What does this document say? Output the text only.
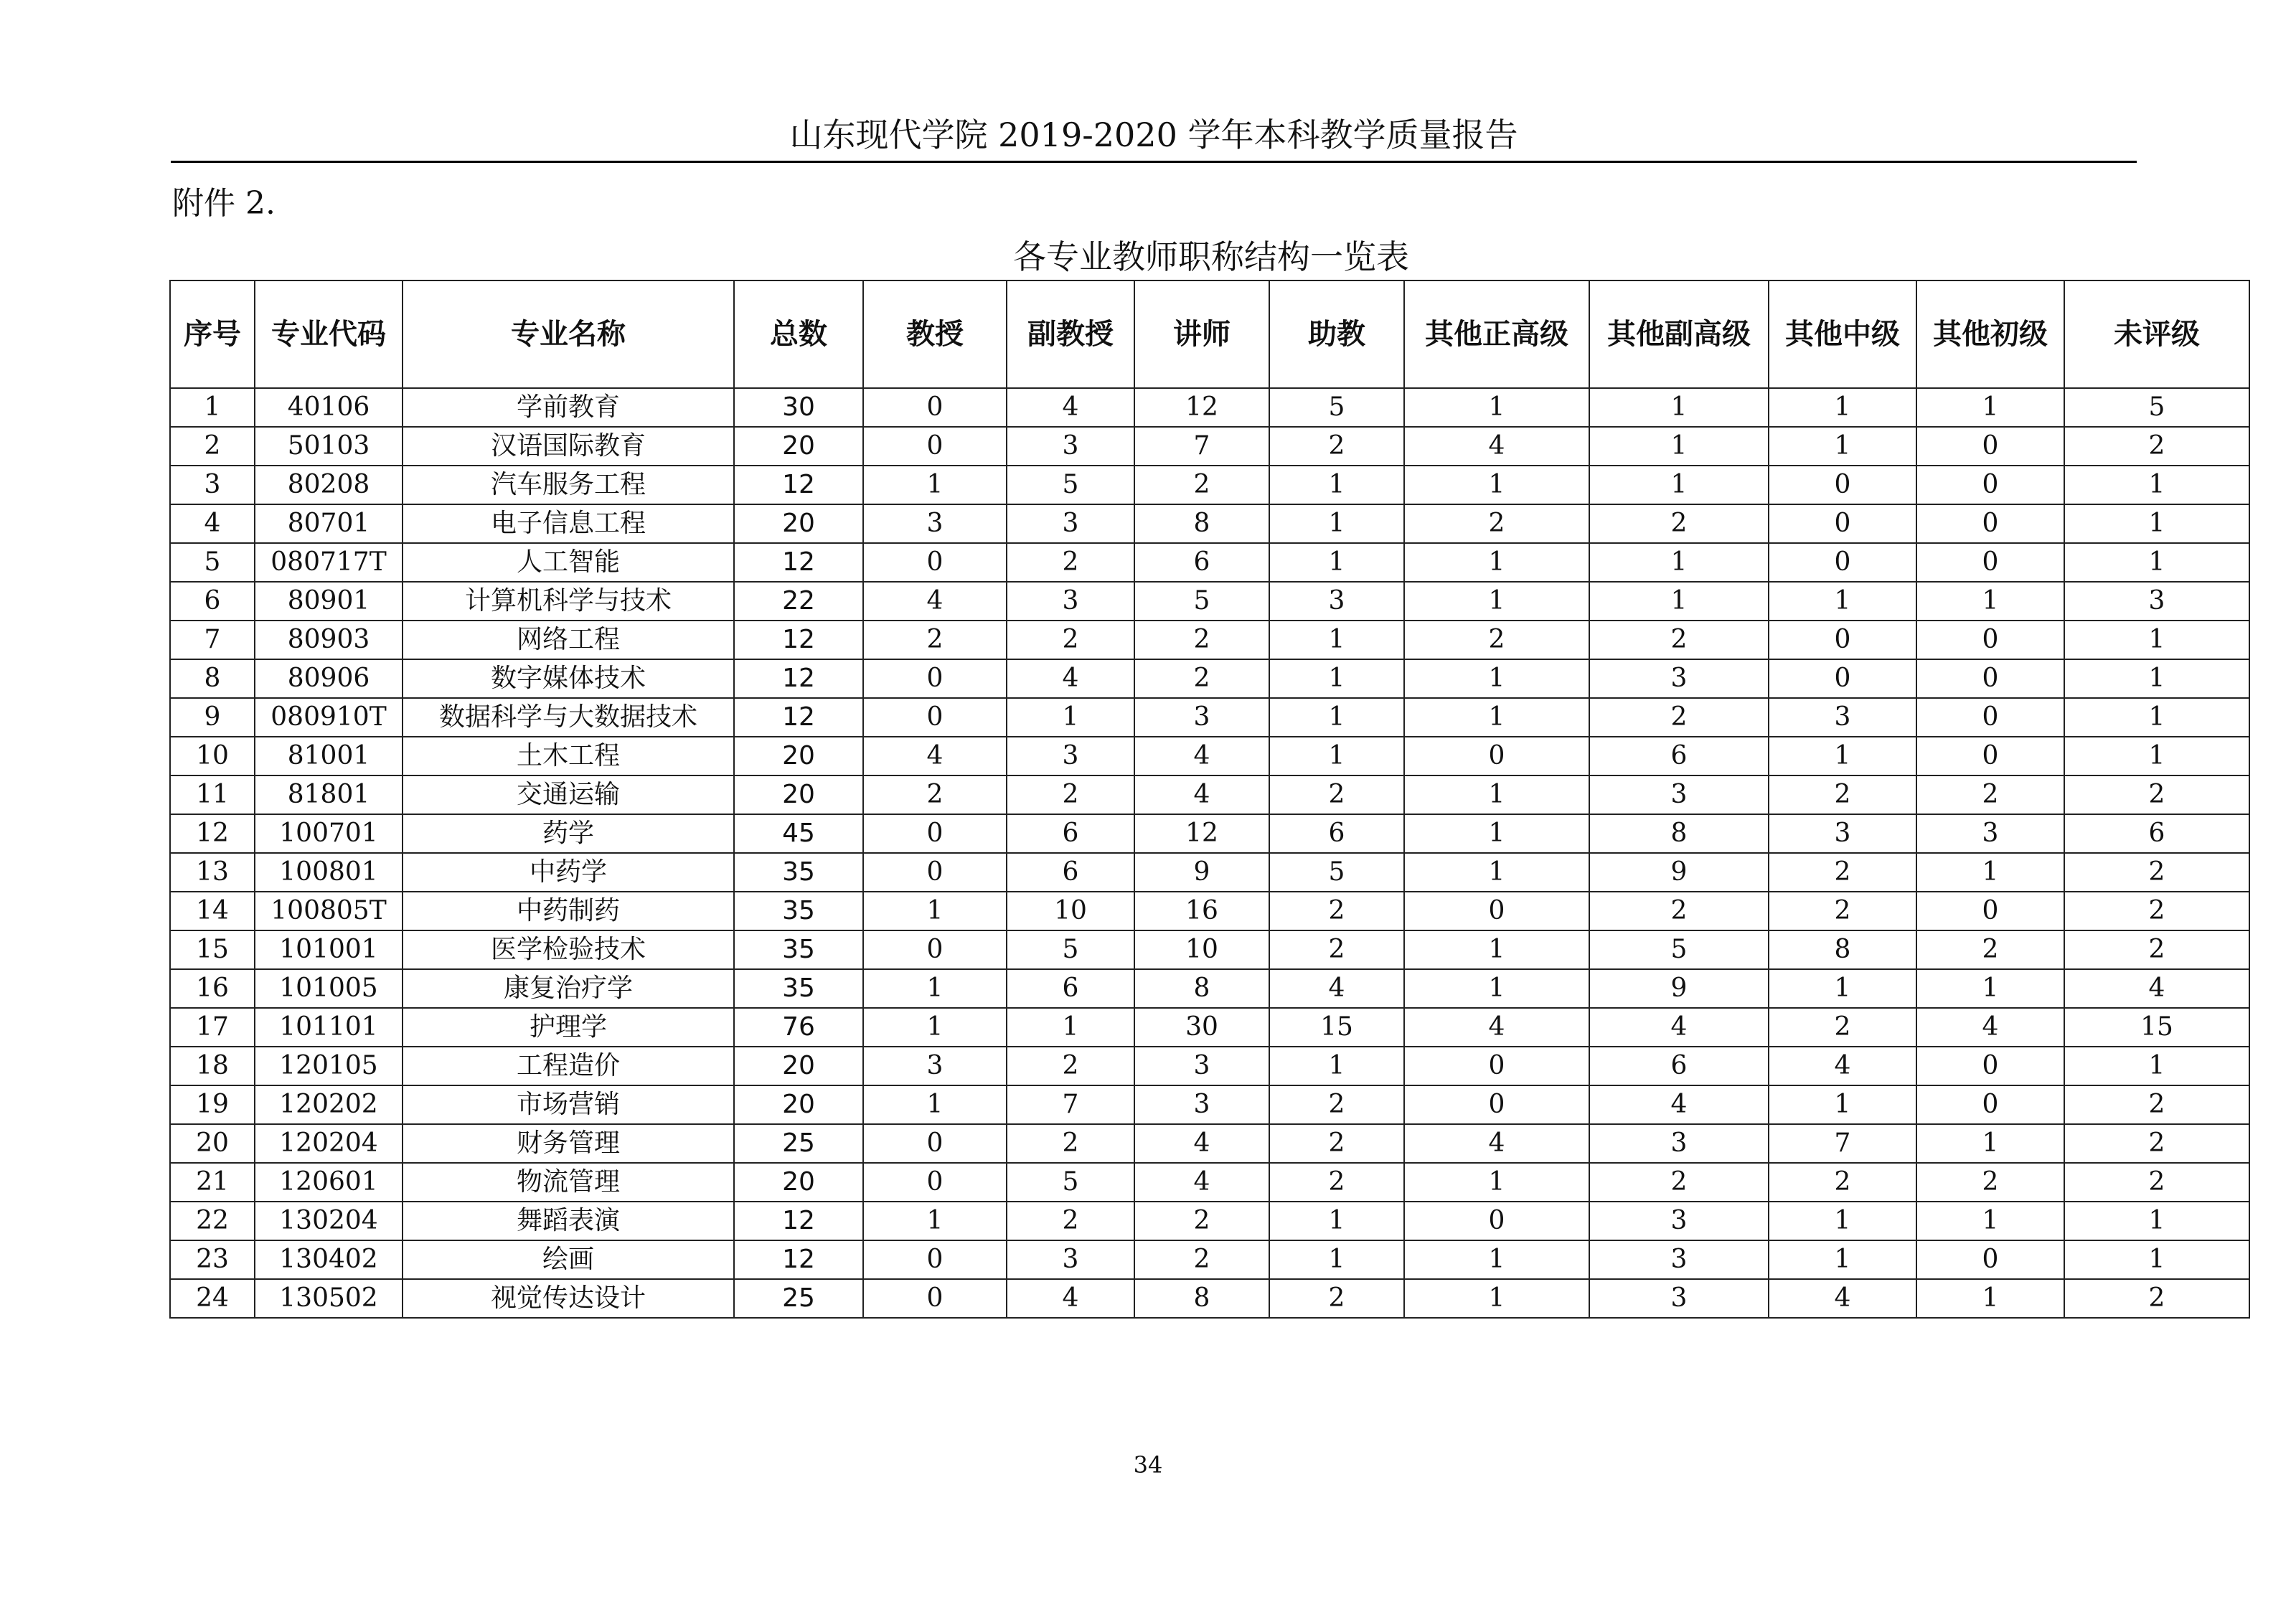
山东现代学院 2019-2020 学年本科教学质量报告
附件 2.
各专业教师职称结构一览表
序号	专业代码	专业名称	总数	教授	副教授	讲师	助教	其他正高级	其他副高级	其他中级	其他初级	未评级
1	40106	学前教育	30	0	4	12	5	1	1	1	1	5
2	50103	汉语国际教育	20	0	3	7	2	4	1	1	0	2
3	80208	汽车服务工程	12	1	5	2	1	1	1	0	0	1
4	80701	电子信息工程	20	3	3	8	1	2	2	0	0	1
5	080717T	人工智能	12	0	2	6	1	1	1	0	0	1
6	80901	计算机科学与技术	22	4	3	5	3	1	1	1	1	3
7	80903	网络工程	12	2	2	2	1	2	2	0	0	1
8	80906	数字媒体技术	12	0	4	2	1	1	3	0	0	1
9	080910T	数据科学与大数据技术	12	0	1	3	1	1	2	3	0	1
10	81001	土木工程	20	4	3	4	1	0	6	1	0	1
11	81801	交通运输	20	2	2	4	2	1	3	2	2	2
12	100701	药学	45	0	6	12	6	1	8	3	3	6
13	100801	中药学	35	0	6	9	5	1	9	2	1	2
14	100805T	中药制药	35	1	10	16	2	0	2	2	0	2
15	101001	医学检验技术	35	0	5	10	2	1	5	8	2	2
16	101005	康复治疗学	35	1	6	8	4	1	9	1	1	4
17	101101	护理学	76	1	1	30	15	4	4	2	4	15
18	120105	工程造价	20	3	2	3	1	0	6	4	0	1
19	120202	市场营销	20	1	7	3	2	0	4	1	0	2
20	120204	财务管理	25	0	2	4	2	4	3	7	1	2
21	120601	物流管理	20	0	5	4	2	1	2	2	2	2
22	130204	舞蹈表演	12	1	2	2	1	0	3	1	1	1
23	130402	绘画	12	0	3	2	1	1	3	1	0	1
24	130502	视觉传达设计	25	0	4	8	2	1	3	4	1	2
34
